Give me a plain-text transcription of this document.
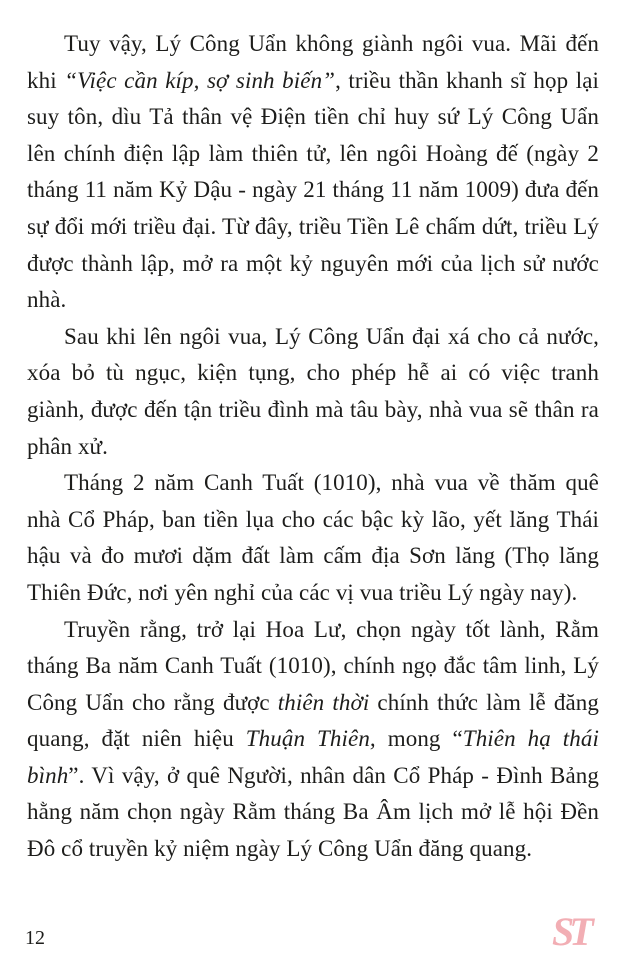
Tuy vậy, Lý Công Uẩn không giành ngôi vua. Mãi đến khi “Việc cần kíp, sợ sinh biến”, triều thần khanh sĩ họp lại suy tôn, dìu Tả thân vệ Điện tiền chỉ huy sứ Lý Công Uẩn lên chính điện lập làm thiên tử, lên ngôi Hoàng đế (ngày 2 tháng 11 năm Kỷ Dậu - ngày 21 tháng 11 năm 1009) đưa đến sự đổi mới triều đại. Từ đây, triều Tiền Lê chấm dứt, triều Lý được thành lập, mở ra một kỷ nguyên mới của lịch sử nước nhà.

Sau khi lên ngôi vua, Lý Công Uẩn đại xá cho cả nước, xóa bỏ tù ngục, kiện tụng, cho phép hễ ai có việc tranh giành, được đến tận triều đình mà tâu bày, nhà vua sẽ thân ra phân xử.

Tháng 2 năm Canh Tuất (1010), nhà vua về thăm quê nhà Cổ Pháp, ban tiền lụa cho các bậc kỳ lão, yết lăng Thái hậu và đo mươi dặm đất làm cấm địa Sơn lăng (Thọ lăng Thiên Đức, nơi yên nghỉ của các vị vua triều Lý ngày nay).

Truyền rằng, trở lại Hoa Lư, chọn ngày tốt lành, Rằm tháng Ba năm Canh Tuất (1010), chính ngọ đắc tâm linh, Lý Công Uẩn cho rằng được thiên thời chính thức làm lễ đăng quang, đặt niên hiệu Thuận Thiên, mong “Thiên hạ thái bình”. Vì vậy, ở quê Người, nhân dân Cổ Pháp - Đình Bảng hằng năm chọn ngày Rằm tháng Ba Âm lịch mở lễ hội Đền Đô cổ truyền kỷ niệm ngày Lý Công Uẩn đăng quang.

12	ST
